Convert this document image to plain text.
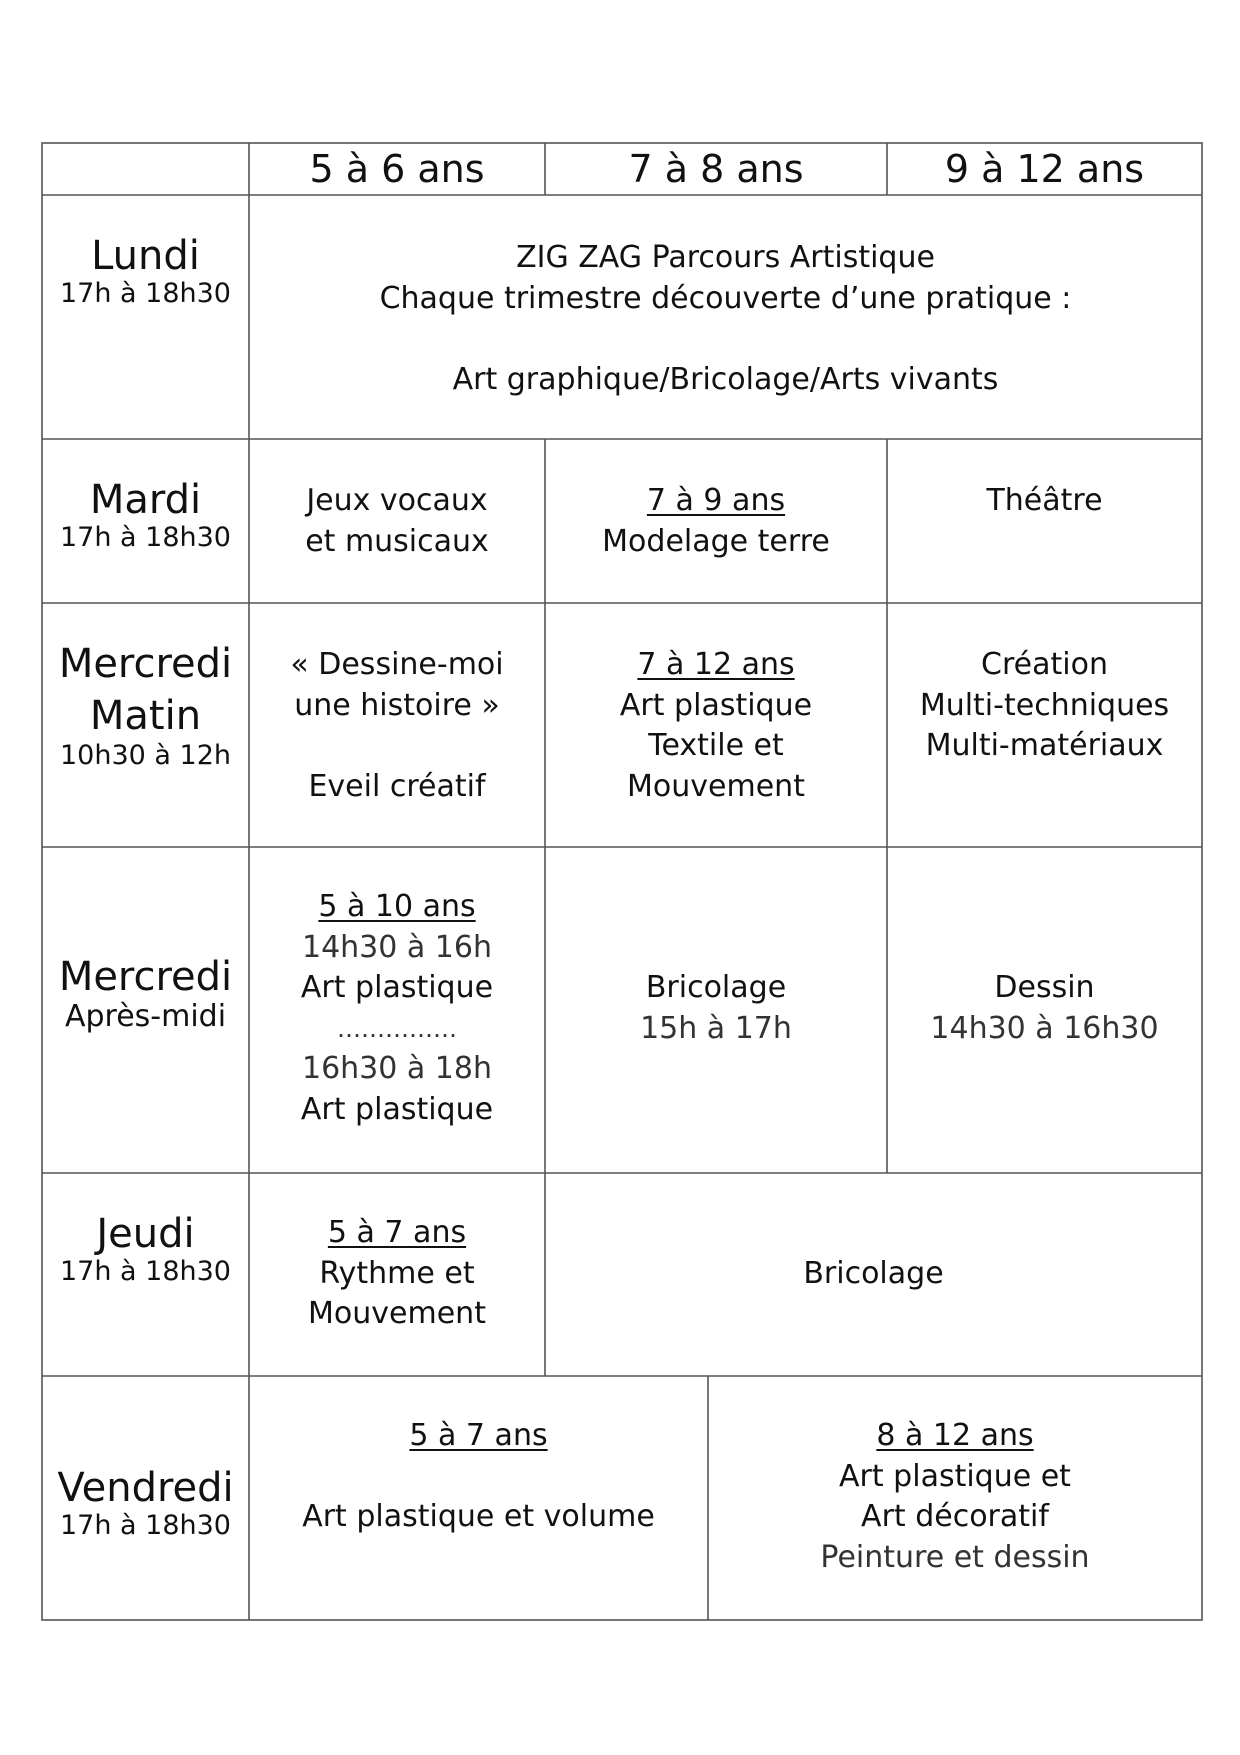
5 à 6 ans	7 à 8 ans	9 à 12 ans
Lundi
17h à 18h30
ZIG ZAG Parcours Artistique
Chaque trimestre découverte d’une pratique :
Art graphique/Bricolage/Arts vivants
Mardi
17h à 18h30
Jeux vocaux
et musicaux
7 à 9 ans
Modelage terre
Théâtre
Mercredi
Matin
10h30 à 12h
« Dessine-moi
une histoire »
Eveil créatif
7 à 12 ans
Art plastique
Textile et
Mouvement
Création
Multi-techniques
Multi-matériaux
Mercredi
Après-midi
5 à 10 ans
14h30 à 16h
Art plastique
……………
16h30 à 18h
Art plastique
Bricolage
15h à 17h
Dessin
14h30 à 16h30
Jeudi
17h à 18h30
5 à 7 ans
Rythme et
Mouvement
Bricolage
Vendredi
17h à 18h30
5 à 7 ans
Art plastique et volume
8 à 12 ans
Art plastique et
Art décoratif
Peinture et dessin
